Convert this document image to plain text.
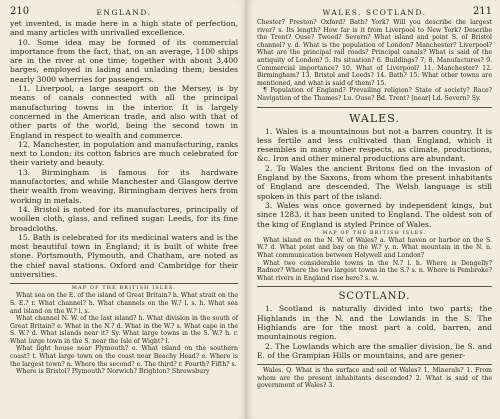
210	ENGLAND.

yet invented, is made here in a high state of perfection, and many articles with unrivalled excellence.

10. Some idea may be formed of its commercial importance from the fact, that, on an average, 1100 ships are in the river at one time; together with about 3,400 barges, employed in lading and unlading them; besides nearly 3000 wherries for passengers.

11. Liverpool, a large seaport on the Mersey, is by means of canals connected with all the principal manufacturing towns in the interior. It is largely concerned in the American trade, and also with that of other parts of the world, being the second town in England in respect to wealth and commerce.

12. Manchester, in population and manufacturing, ranks next to London; its cotton fabrics are much celebrated for their variety and beauty.

13. Birmingham is famous for its hardware manufactories, and while Manchester and Glasgow derive their wealth from weaving, Birmingham derives hers from working in metals.

14. Bristol is noted for its manufactures, principally of woollen cloth, glass, and refined sugar. Leeds, for its fine broadcloths.

15. Bath is celebrated for its medicinal waters and is the most beautiful town in England; it is built of white free stone. Portsmouth, Plymouth, and Chatham, are noted as the chief naval stations. Oxford and Cambridge for their universities.

MAP OF THE BRITISH ISLES.

What sea on the E. of the island of Great Britain? h. What strait on the S. E.? r. What channel? h. What channels on the W.? l. s. h. What sea and island on the W.? l. s.

What channel N. W. of the last island? h. What division in the south of Great Britain? e. What in the N.? d. What in the W.? s. What cape in the S. W.? d. What islands near it? Sy. What large towns in the S. W.? h. r. What large town in the S. near the Isle of Wight? l.

What light house near Plymouth? e. What island on the southern coast? t. What large town on the coast near Beachy Head? e. Where is the largest town? n. Where the second? e. The third? r. Fourth? Fifth? s.

Where is Bristol? Plymouth? Norwich? Brighton? Shrewsbury

WALES. SCOTLAND.	211

Chester? Preston? Oxford? Bath? York? Will you describe the largest river? s. Its length? How far is it from Liverpool to New York? Describe the Trent? Ouse? Tweed? Severn? What island and point S. of Bristol channel? y. d. What is the population of London? Manchester? Liverpool? What are the principal rail roads? Principal canals? What is said of the antiquity of London? 5. Its situation? 6. Buildings? 7, 8. Manufactures? 9. Commercial importance? 10. What of Liverpool? 11. Manchester? 12. Birmingham? 13. Bristol and Leeds? 14. Bath? 15. What other towns are mentioned, and what is said of them? 15.

¶ Population of England? Prevailing religion? State of society? Race? Navigation of the Thames? Lu. Ouse? Bd. Trent? [near] Ld. Severn? Sy.

WALES.

1. Wales is a mountainous but not a barren country. It is less fertile and less cultivated than England, which it resembles in many other respects, as climate, productions, &c. Iron and other mineral productions are abundant.

2. To Wales the ancient Britons fled on the invasion of England by the Saxons, from whom the present inhabitants of England are descended. The Welsh language is still spoken in this part of the island.

3. Wales was once governed by independent kings, but since 1283, it has been united to England. The oldest son of the king of England is styled Prince of Wales.

MAP OF THE BRITISH ISLES.

What island on the N. W. of Wales? a. What haven or harbor on the S. W.? d. What point and bay on the W.? y. n. What mountain in the N. n. What communication between Holywell and London?

What two considerable towns in the N.? l. h. Where is Dengelly? Radnor? Where the two largest towns in the S.? s. n. Where is Pembroke? What rivers in England rise here? s. w.

SCOTLAND.

1. Scotland is naturally divided into two parts; the Highlands in the N. and the Lowlands in the S. The Highlands are for the most part a cold, barren, and mountainous region.

2. The Lowlands which are the smaller division, lie S. and E. of the Grampian Hills or mountains, and are gener-

Wales. Q. What is the surface and soil of Wales? 1. Minerals? 1. From whom are the present inhabitants descended? 2. What is said of the government of Wales? 3.
